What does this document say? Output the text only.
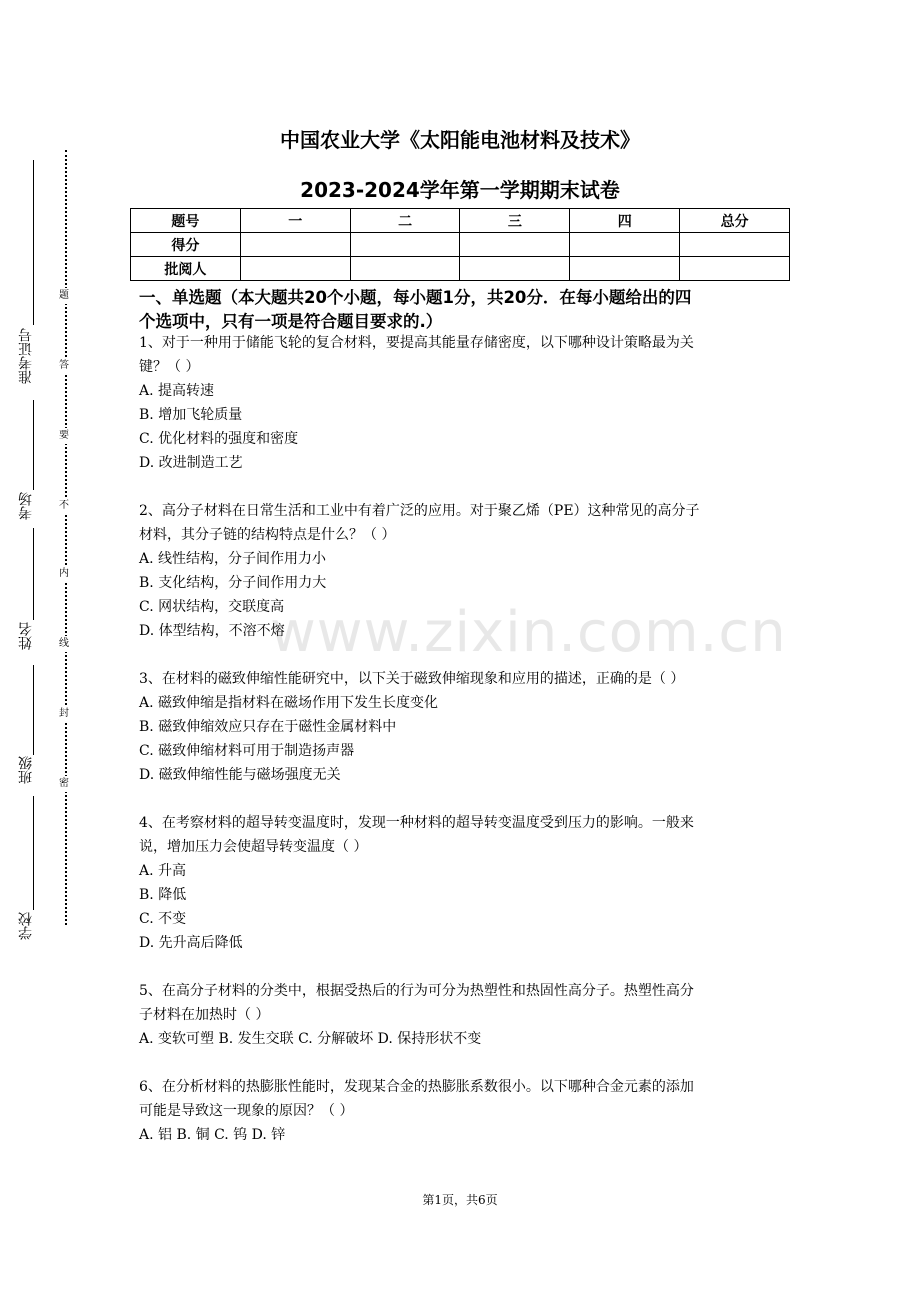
准考证号
考场
姓名
班级
学校
题
答
要
不
内
线
封
密
www.zixin.com.cn
中国农业大学《太阳能电池材料及技术》
2023-2024学年第一学期期末试卷
题号	一	二	三	四	总分
得分					
批阅人					
一、单选题（本大题共20个小题，每小题1分，共20分．在每小题给出的四
个选项中，只有一项是符合题目要求的.）

1、对于一种用于储能飞轮的复合材料，要提高其能量存储密度，以下哪种设计策略最为关

键？（ ）

A. 提高转速

B. 增加飞轮质量

C. 优化材料的强度和密度

D. 改进制造工艺

2、高分子材料在日常生活和工业中有着广泛的应用。对于聚乙烯（PE）这种常见的高分子

材料，其分子链的结构特点是什么？（ ）

A. 线性结构，分子间作用力小

B. 支化结构，分子间作用力大

C. 网状结构，交联度高

D. 体型结构，不溶不熔

3、在材料的磁致伸缩性能研究中，以下关于磁致伸缩现象和应用的描述，正确的是（ ）

A. 磁致伸缩是指材料在磁场作用下发生长度变化

B. 磁致伸缩效应只存在于磁性金属材料中

C. 磁致伸缩材料可用于制造扬声器

D. 磁致伸缩性能与磁场强度无关

4、在考察材料的超导转变温度时，发现一种材料的超导转变温度受到压力的影响。一般来

说，增加压力会使超导转变温度（ ）

A. 升高

B. 降低

C. 不变

D. 先升高后降低

5、在高分子材料的分类中，根据受热后的行为可分为热塑性和热固性高分子。热塑性高分

子材料在加热时（ ）

A. 变软可塑 B. 发生交联 C. 分解破坏 D. 保持形状不变

6、在分析材料的热膨胀性能时，发现某合金的热膨胀系数很小。以下哪种合金元素的添加

可能是导致这一现象的原因？（ ）

A. 铝 B. 铜 C. 钨 D. 锌

第1页，共6页
